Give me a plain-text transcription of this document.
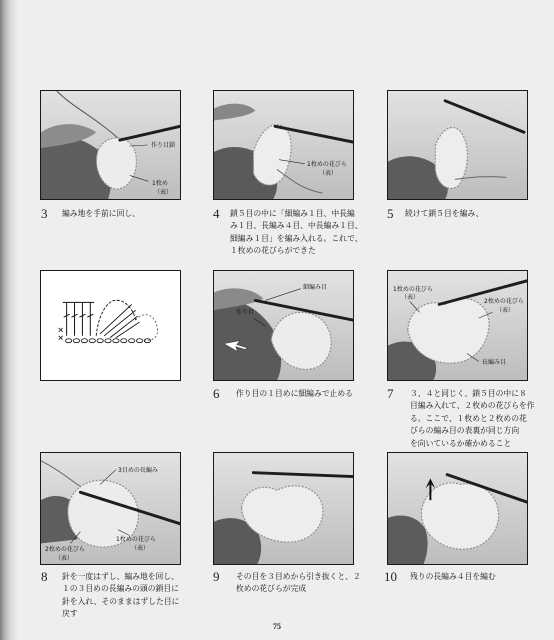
作り目鎖
1枚め
（表）
1枚めの花びら
（表）
3 編み地を手前に回し、	4 鎖５目の中に「細編み１目、中長編
み１目、長編み４目、中長編み１目、
細編み１目」を編み入れる。これで、
１枚めの花びらができた
5 続けて鎖５目を編み、
細編み目
作り目
1枚めの花びら
（表）
2枚めの花びら
（表）
長編み目
6 作り目の１目めに細編みで止める	7 ３、４と同じく、鎖５目の中に８
目編み入れて、２枚めの花びらを作
る。ここで、１枚めと２枚めの花
びらの編み目の表裏が同じ方向
を向いているか確かめること
3目めの長編み
2枚めの花びら
（表）
1枚めの花びら
（表）
8 針を一度はずし、編み地を回し、
１の３目めの長編みの頭の鎖目に
針を入れ、そのままはずした目に
戻す
9 その目を３目めから引き抜くと、２
枚めの花びらが完成
10 残りの長編み４目を編む
75
